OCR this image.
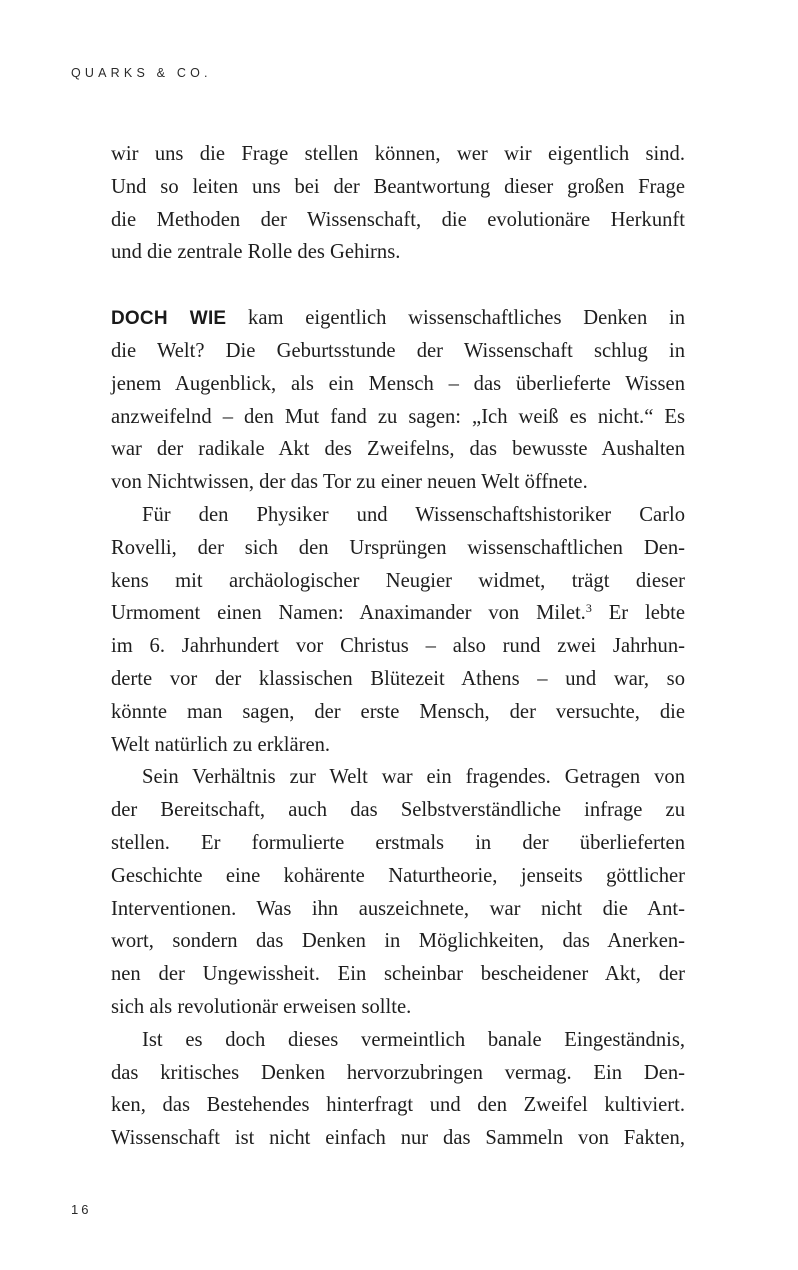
QUARKS & CO.
wir uns die Frage stellen können, wer wir eigentlich sind.
Und so leiten uns bei der Beantwortung dieser großen Frage
die Methoden der Wissenschaft, die evolutionäre Herkunft
und die zentrale Rolle des Gehirns.
DOCH WIE kam eigentlich wissenschaftliches Denken in
die Welt? Die Geburtsstunde der Wissenschaft schlug in
jenem Augenblick, als ein Mensch – das überlieferte Wissen
anzweifelnd – den Mut fand zu sagen: „Ich weiß es nicht.“ Es
war der radikale Akt des Zweifelns, das bewusste Aushalten
von Nichtwissen, der das Tor zu einer neuen Welt öffnete.
Für den Physiker und Wissenschaftshistoriker Carlo
Rovelli, der sich den Ursprüngen wissenschaftlichen Den-
kens mit archäologischer Neugier widmet, trägt dieser
Urmoment einen Namen: Anaximander von Milet.$^3$ Er lebte
im 6. Jahrhundert vor Christus – also rund zwei Jahrhun-
derte vor der klassischen Blütezeit Athens – und war, so
könnte man sagen, der erste Mensch, der versuchte, die
Welt natürlich zu erklären.
Sein Verhältnis zur Welt war ein fragendes. Getragen von
der Bereitschaft, auch das Selbstverständliche infrage zu
stellen. Er formulierte erstmals in der überlieferten
Geschichte eine kohärente Naturtheorie, jenseits göttlicher
Interventionen. Was ihn auszeichnete, war nicht die Ant-
wort, sondern das Denken in Möglichkeiten, das Anerken-
nen der Ungewissheit. Ein scheinbar bescheidener Akt, der
sich als revolutionär erweisen sollte.
Ist es doch dieses vermeintlich banale Eingeständnis,
das kritisches Denken hervorzubringen vermag. Ein Den-
ken, das Bestehendes hinterfragt und den Zweifel kultiviert.
Wissenschaft ist nicht einfach nur das Sammeln von Fakten,
16
